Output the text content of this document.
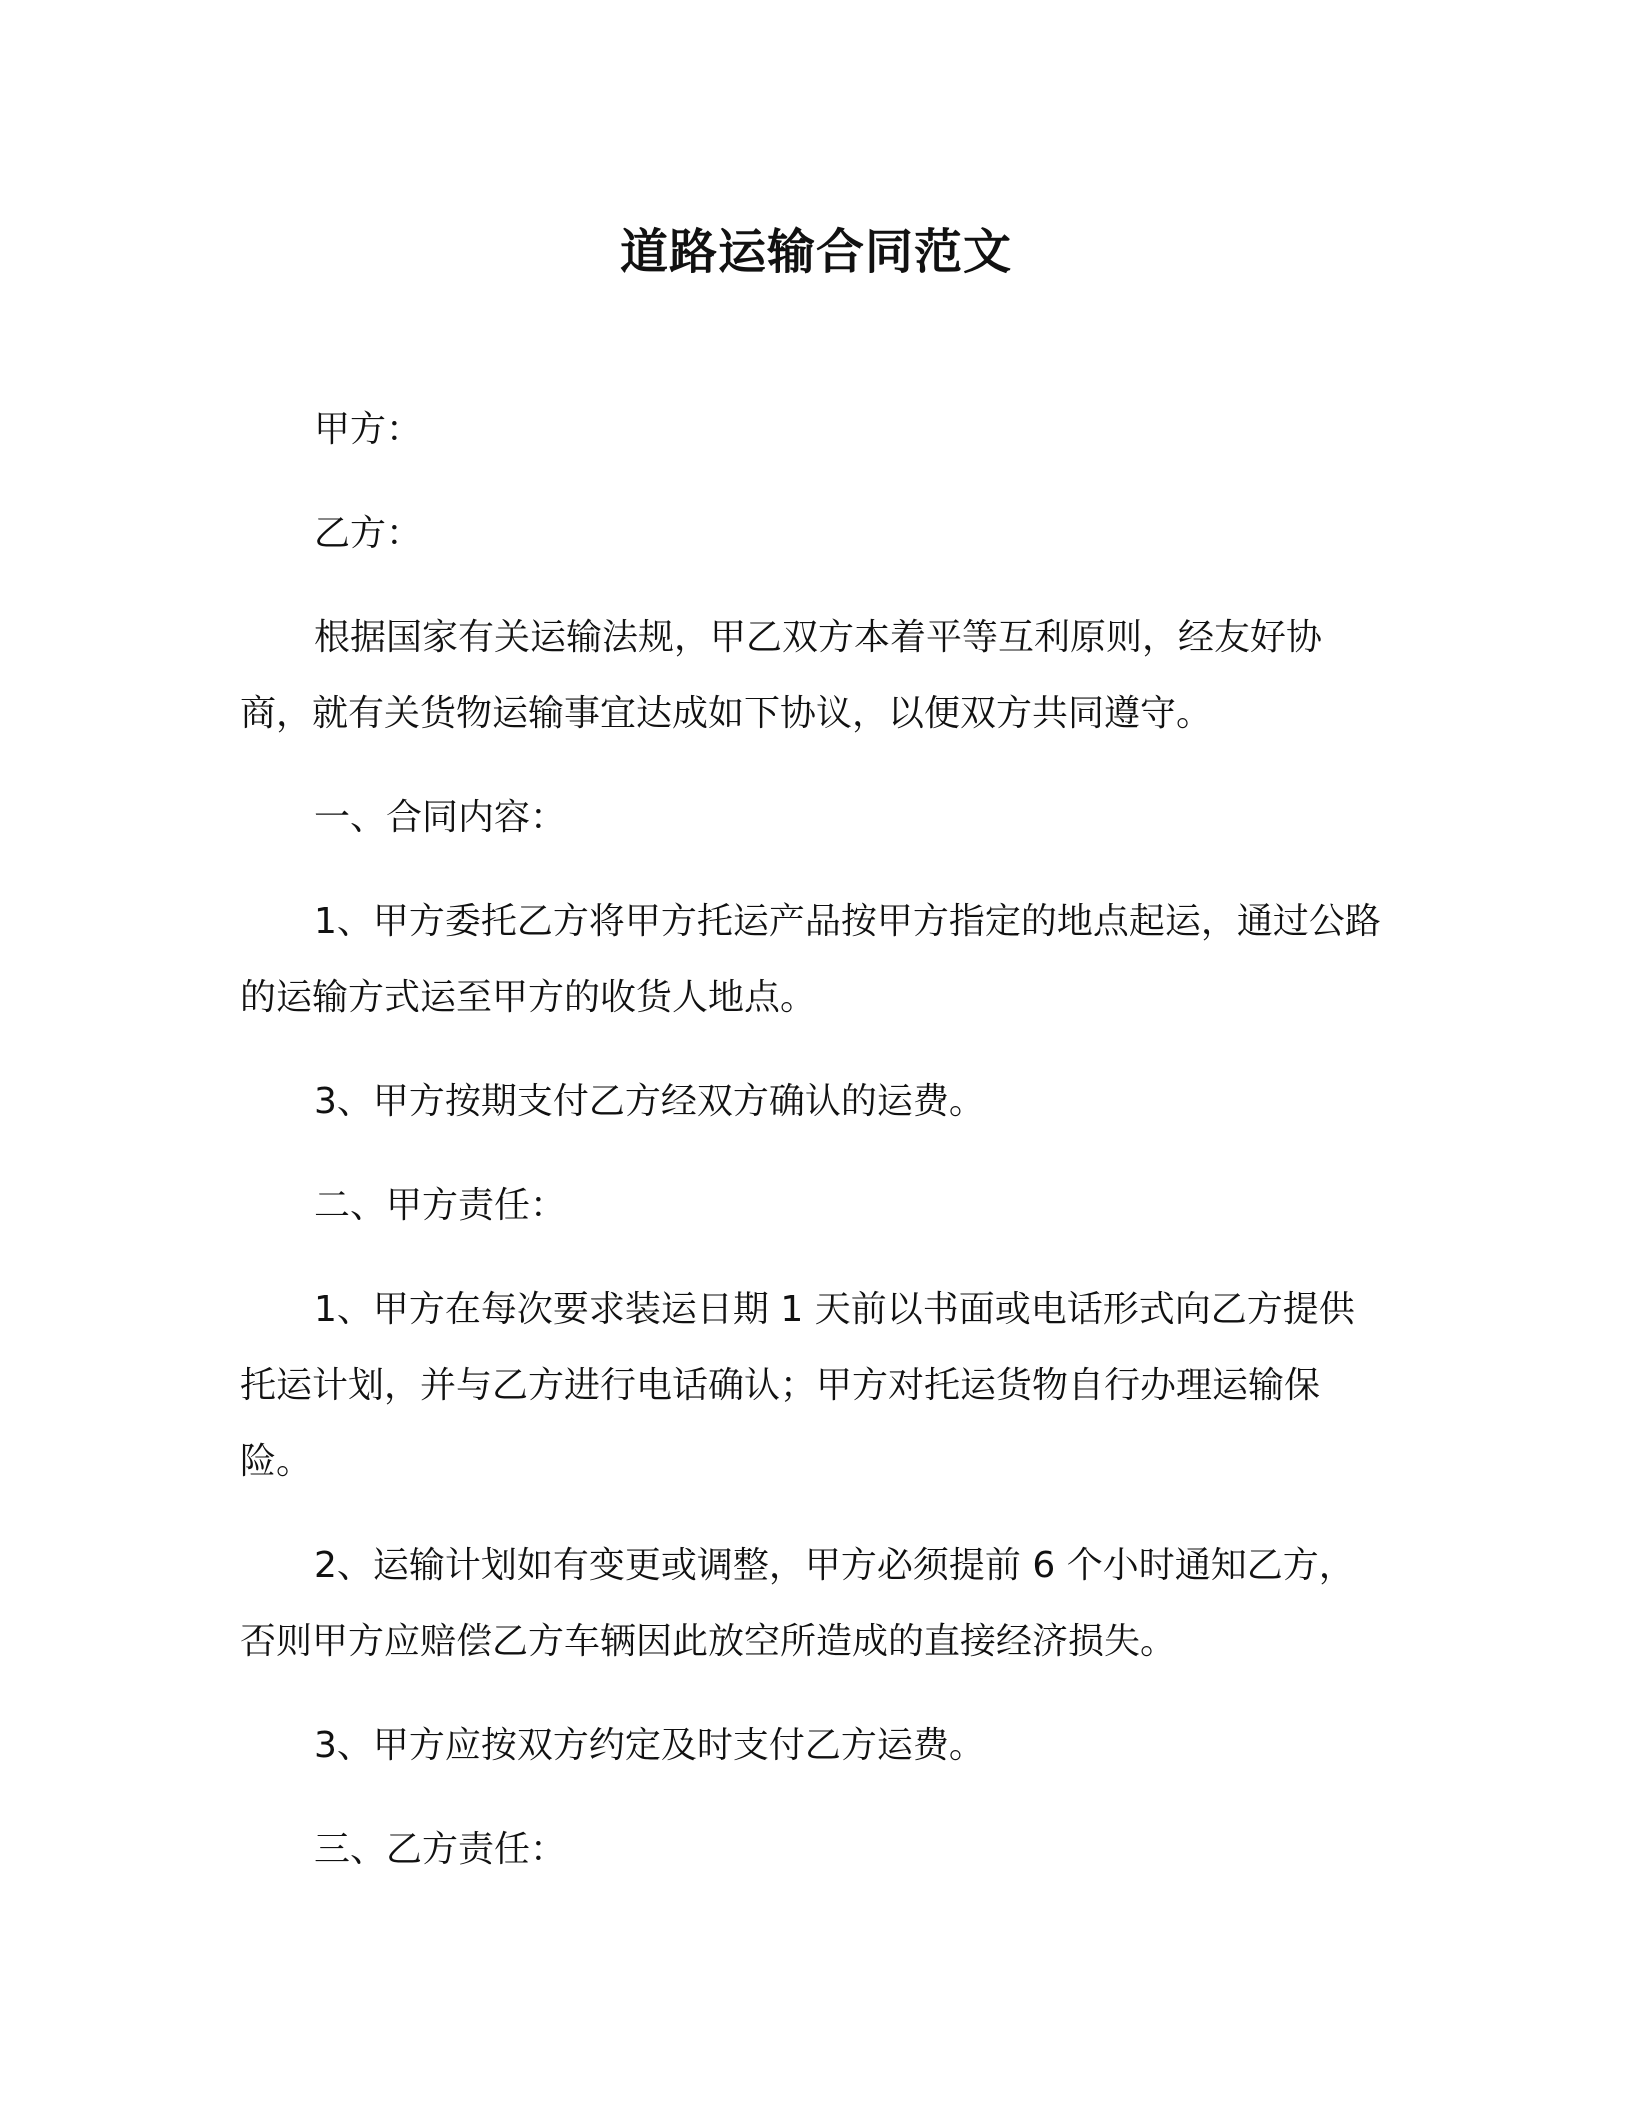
道路运输合同范文

甲方：

乙方：

根据国家有关运输法规，甲乙双方本着平等互利原则，经友好协商，就有关货物运输事宜达成如下协议，以便双方共同遵守。

一、合同内容：

1、甲方委托乙方将甲方托运产品按甲方指定的地点起运，通过公路的运输方式运至甲方的收货人地点。

3、甲方按期支付乙方经双方确认的运费。

二、甲方责任：

1、甲方在每次要求装运日期 1 天前以书面或电话形式向乙方提供托运计划，并与乙方进行电话确认；甲方对托运货物自行办理运输保险。

2、运输计划如有变更或调整，甲方必须提前 6 个小时通知乙方，否则甲方应赔偿乙方车辆因此放空所造成的直接经济损失。

3、甲方应按双方约定及时支付乙方运费。

三、乙方责任：
